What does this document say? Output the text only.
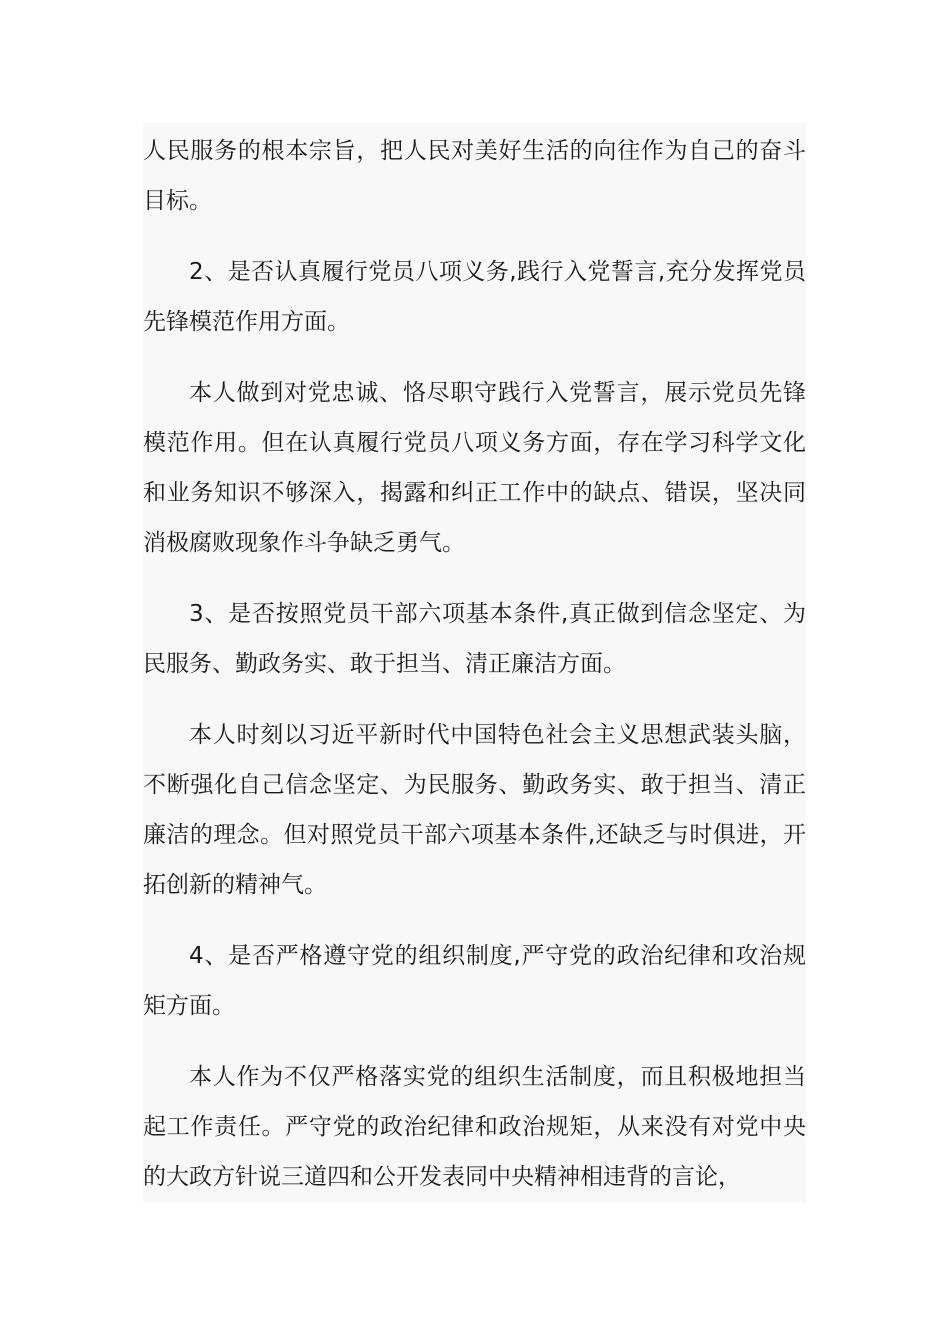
人民服务的根本宗旨，把人民对美好生活的向往作为自己的奋斗目标。

2、是否认真履行党员八项义务,践行入党誓言,充分发挥党员先锋模范作用方面。

本人做到对党忠诚、恪尽职守践行入党誓言，展示党员先锋模范作用。但在认真履行党员八项义务方面，存在学习科学文化和业务知识不够深入，揭露和纠正工作中的缺点、错误，坚决同消极腐败现象作斗争缺乏勇气。

3、是否按照党员干部六项基本条件,真正做到信念坚定、为民服务、勤政务实、敢于担当、清正廉洁方面。

本人时刻以习近平新时代中国特色社会主义思想武装头脑，不断强化自己信念坚定、为民服务、勤政务实、敢于担当、清正廉洁的理念。但对照党员干部六项基本条件,还缺乏与时俱进，开拓创新的精神气。

4、是否严格遵守党的组织制度,严守党的政治纪律和攻治规矩方面。

本人作为不仅严格落实党的组织生活制度，而且积极地担当起工作责任。严守党的政治纪律和政治规矩，从来没有对党中央的大政方针说三道四和公开发表同中央精神相违背的言论，
